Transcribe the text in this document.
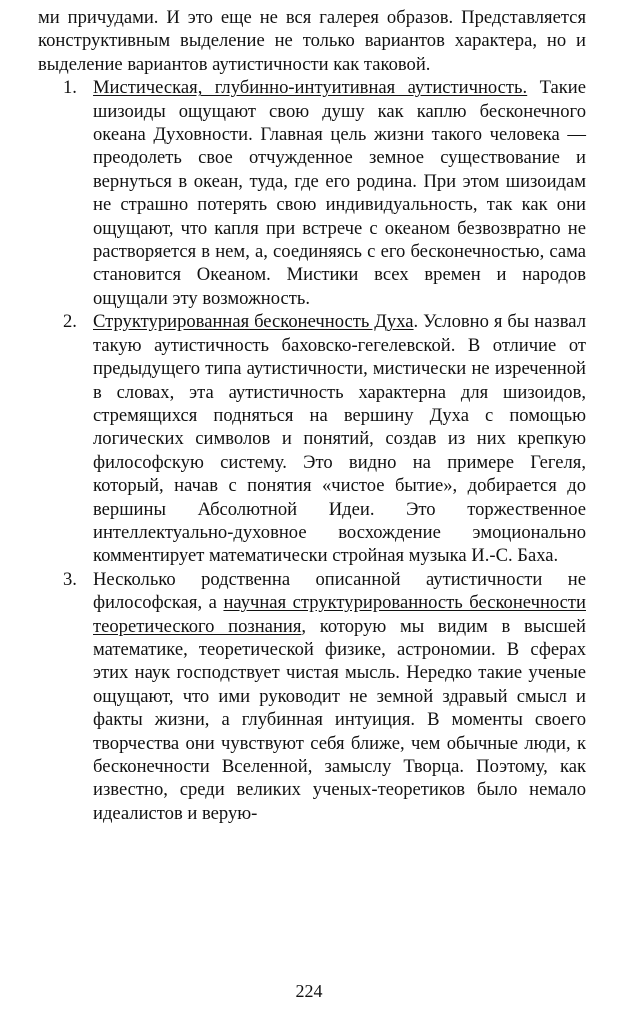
ми причудами. И это еще не вся галерея образов. Представляется конструктивным выделение не только вариантов характера, но и выделение вариантов аутистичности как таковой.

1. Мистическая, глубинно-интуитивная аутистичность. Такие шизоиды ощущают свою душу как каплю бесконечного океана Духовности. Главная цель жизни такого человека — преодолеть свое отчужденное земное существование и вернуться в океан, туда, где его родина. При этом шизоидам не страшно потерять свою индивидуальность, так как они ощущают, что капля при встрече с океаном безвозвратно не растворяется в нем, а, соединяясь с его бесконечностью, сама становится Океаном. Мистики всех времен и народов ощущали эту возможность.
2. Структурированная бесконечность Духа. Условно я бы назвал такую аутистичность баховско-гегелевской. В отличие от предыдущего типа аутистичности, мистически не изреченной в словах, эта аутистичность характерна для шизоидов, стремящихся подняться на вершину Духа с помощью логических символов и понятий, создав из них крепкую философскую систему. Это видно на примере Гегеля, который, начав с понятия «чистое бытие», добирается до вершины Абсолютной Идеи. Это торжественное интеллектуально-духовное восхождение эмоционально комментирует математически стройная музыка И.-С. Баха.
3. Несколько родственна описанной аутистичности не философская, а научная структурированность бесконечности теоретического познания, которую мы видим в высшей математике, теоретической физике, астрономии. В сферах этих наук господствует чистая мысль. Нередко такие ученые ощущают, что ими руководит не земной здравый смысл и факты жизни, а глубинная интуиция. В моменты своего творчества они чувствуют себя ближе, чем обычные люди, к бесконечности Вселенной, замыслу Творца. Поэтому, как известно, среди великих ученых-теоретиков было немало идеалистов и верую-
224
